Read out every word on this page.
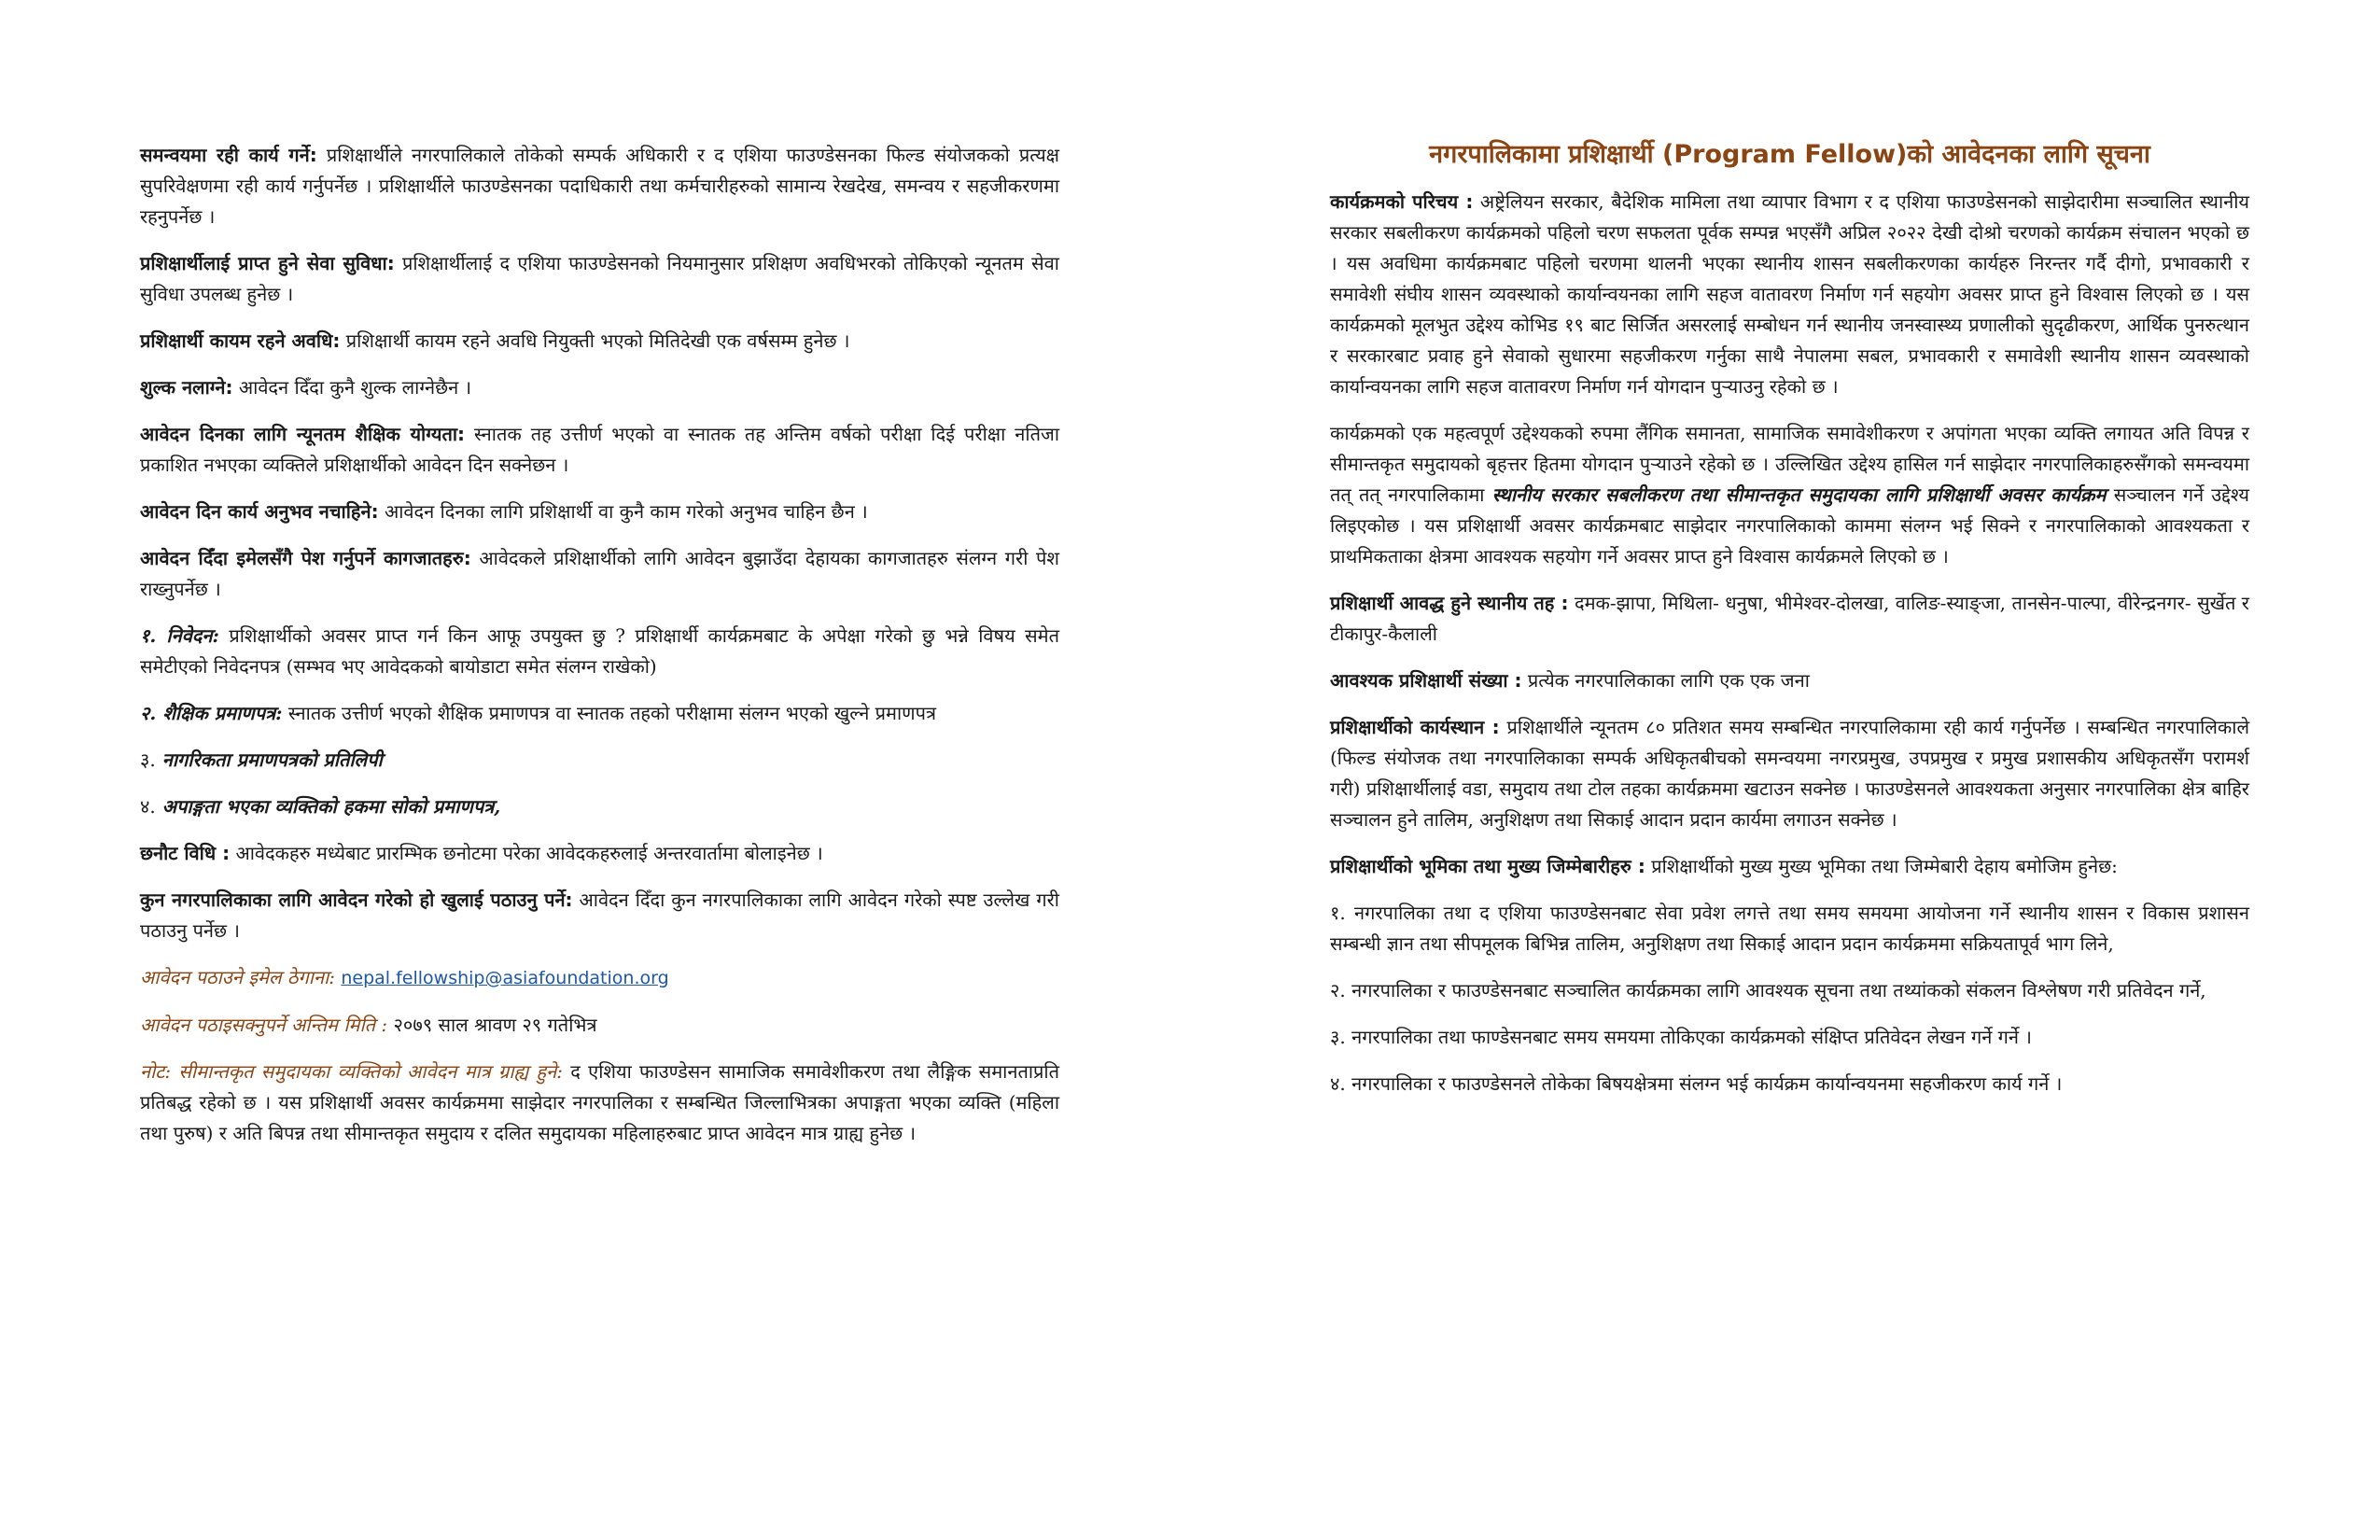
समन्वयमा रही कार्य गर्ने: प्रशिक्षार्थीले नगरपालिकाले तोकेको सम्पर्क अधिकारी र द एशिया फाउण्डेसनका फिल्ड संयोजकको प्रत्यक्ष सुपरिवेक्षणमा रही कार्य गर्नुपर्नेछ । प्रशिक्षार्थीले फाउण्डेसनका पदाधिकारी तथा कर्मचारीहरुको सामान्य रेखदेख, समन्वय र सहजीकरणमा रहनुपर्नेछ ।

प्रशिक्षार्थीलाई प्राप्त हुने सेवा सुविधा: प्रशिक्षार्थीलाई द एशिया फाउण्डेसनको नियमानुसार प्रशिक्षण अवधिभरको तोकिएको न्यूनतम सेवा सुविधा उपलब्ध हुनेछ ।

प्रशिक्षार्थी कायम रहने अवधि: प्रशिक्षार्थी कायम रहने अवधि नियुक्ती भएको मितिदेखी एक वर्षसम्म हुनेछ ।

शुल्क नलाग्ने: आवेदन दिँदा कुनै शुल्क लाग्नेछैन ।

आवेदन दिनका लागि न्यूनतम शैक्षिक योग्यता: स्नातक तह उत्तीर्ण भएको वा स्नातक तह अन्तिम वर्षको परीक्षा दिई परीक्षा नतिजा प्रकाशित नभएका व्यक्तिले प्रशिक्षार्थीको आवेदन दिन सक्नेछन ।

आवेदन दिन कार्य अनुभव नचाहिने: आवेदन दिनका लागि प्रशिक्षार्थी वा कुनै काम गरेको अनुभव चाहिन छैन ।

आवेदन दिँदा इमेलसँगै पेश गर्नुपर्ने कागजातहरु: आवेदकले प्रशिक्षार्थीको लागि आवेदन बुझाउँदा देहायका कागजातहरु संलग्न गरी पेश राख्नुपर्नेछ ।

१. निवेदन: प्रशिक्षार्थीको अवसर प्राप्त गर्न किन आफू उपयुक्त छु ? प्रशिक्षार्थी कार्यक्रमबाट के अपेक्षा गरेको छु भन्ने विषय समेत समेटीएको निवेदनपत्र (सम्भव भए आवेदकको बायोडाटा समेत संलग्न राखेको)

२. शैक्षिक प्रमाणपत्र: स्नातक उत्तीर्ण भएको शैक्षिक प्रमाणपत्र वा स्नातक तहको परीक्षामा संलग्न भएको खुल्ने प्रमाणपत्र

३. नागरिकता प्रमाणपत्रको प्रतिलिपी

४. अपाङ्गता भएका व्यक्तिको हकमा सोको प्रमाणपत्र,

छनौट विधि : आवेदकहरु मध्येबाट प्रारम्भिक छनोटमा परेका आवेदकहरुलाई अन्तरवार्तामा बोलाइनेछ ।

कुन नगरपालिकाका लागि आवेदन गरेको हो खुलाई पठाउनु पर्ने: आवेदन दिँदा कुन नगरपालिकाका लागि आवेदन गरेको स्पष्ट उल्लेख गरी पठाउनु पर्नेछ ।

आवेदन पठाउने इमेल ठेगाना: nepal.fellowship@asiafoundation.org

आवेदन पठाइसक्नुपर्ने अन्तिम मिति : २०७९ साल श्रावण २९ गतेभित्र

नोट: सीमान्तकृत समुदायका व्यक्तिको आवेदन मात्र ग्राह्य हुने: द एशिया फाउण्डेसन सामाजिक समावेशीकरण तथा लैङ्गिक समानताप्रति प्रतिबद्ध रहेको छ । यस प्रशिक्षार्थी अवसर कार्यक्रममा साझेदार नगरपालिका र सम्बन्धित जिल्लाभित्रका अपाङ्गता भएका व्यक्ति (महिला तथा पुरुष) र अति बिपन्न तथा सीमान्तकृत समुदाय र दलित समुदायका महिलाहरुबाट प्राप्त आवेदन मात्र ग्राह्य हुनेछ ।

नगरपालिकामा प्रशिक्षार्थी (Program Fellow)को आवेदनका लागि सूचना

कार्यक्रमको परिचय : अष्ट्रेलियन सरकार, बैदेशिक मामिला तथा व्यापार विभाग र द एशिया फाउण्डेसनको साझेदारीमा सञ्चालित स्थानीय सरकार सबलीकरण कार्यक्रमको पहिलो चरण सफलता पूर्वक सम्पन्न भएसँगै अप्रिल २०२२ देखी दोश्रो चरणको कार्यक्रम संचालन भएको छ । यस अवधिमा कार्यक्रमबाट पहिलो चरणमा थालनी भएका स्थानीय शासन सबलीकरणका कार्यहरु निरन्तर गर्दै दीगो, प्रभावकारी र समावेशी संघीय शासन व्यवस्थाको कार्यान्वयनका लागि सहज वातावरण निर्माण गर्न सहयोग अवसर प्राप्त हुने विश्वास लिएको छ । यस कार्यक्रमको मूलभुत उद्देश्य कोभिड १९ बाट सिर्जित असरलाई सम्बोधन गर्न स्थानीय जनस्वास्थ्य प्रणालीको सुदृढीकरण, आर्थिक पुनरुत्थान र सरकारबाट प्रवाह हुने सेवाको सुधारमा सहजीकरण गर्नुका साथै नेपालमा सबल, प्रभावकारी र समावेशी स्थानीय शासन व्यवस्थाको कार्यान्वयनका लागि सहज वातावरण निर्माण गर्न योगदान पुऱ्याउनु रहेको छ ।

कार्यक्रमको एक महत्वपूर्ण उद्देश्यकको रुपमा लैंगिक समानता, सामाजिक समावेशीकरण र अपांगता भएका व्यक्ति लगायत अति विपन्न र सीमान्तकृत समुदायको बृहत्तर हितमा योगदान पुऱ्याउने रहेको छ । उल्लिखित उद्देश्य हासिल गर्न साझेदार नगरपालिकाहरुसँगको समन्वयमा तत् तत् नगरपालिकामा स्थानीय सरकार सबलीकरण तथा सीमान्तकृत समुदायका लागि प्रशिक्षार्थी अवसर कार्यक्रम सञ्चालन गर्ने उद्देश्य लिइएकोछ । यस प्रशिक्षार्थी अवसर कार्यक्रमबाट साझेदार नगरपालिकाको काममा संलग्न भई सिक्ने र नगरपालिकाको आवश्यकता र प्राथमिकताका क्षेत्रमा आवश्यक सहयोग गर्ने अवसर प्राप्त हुने विश्वास कार्यक्रमले लिएको छ ।

प्रशिक्षार्थी आवद्ध हुने स्थानीय तह : दमक-झापा, मिथिला- धनुषा, भीमेश्वर-दोलखा, वालिङ-स्याङ्जा, तानसेन-पाल्पा, वीरेन्द्रनगर- सुर्खेत र टीकापुर-कैलाली

आवश्यक प्रशिक्षार्थी संख्या : प्रत्येक नगरपालिकाका लागि एक एक जना

प्रशिक्षार्थीको कार्यस्थान : प्रशिक्षार्थीले न्यूनतम ८० प्रतिशत समय सम्बन्धित नगरपालिकामा रही कार्य गर्नुपर्नेछ । सम्बन्धित नगरपालिकाले (फिल्ड संयोजक तथा नगरपालिकाका सम्पर्क अधिकृतबीचको समन्वयमा नगरप्रमुख, उपप्रमुख र प्रमुख प्रशासकीय अधिकृतसँग परामर्श गरी) प्रशिक्षार्थीलाई वडा, समुदाय तथा टोल तहका कार्यक्रममा खटाउन सक्नेछ । फाउण्डेसनले आवश्यकता अनुसार नगरपालिका क्षेत्र बाहिर सञ्चालन हुने तालिम, अनुशिक्षण तथा सिकाई आदान प्रदान कार्यमा लगाउन सक्नेछ ।

प्रशिक्षार्थीको भूमिका तथा मुख्य जिम्मेबारीहरु : प्रशिक्षार्थीको मुख्य मुख्य भूमिका तथा जिम्मेबारी देहाय बमोजिम हुनेछ:

१. नगरपालिका तथा द एशिया फाउण्डेसनबाट सेवा प्रवेश लगत्ते तथा समय समयमा आयोजना गर्ने स्थानीय शासन र विकास प्रशासन सम्बन्धी ज्ञान तथा सीपमूलक बिभिन्न तालिम, अनुशिक्षण तथा सिकाई आदान प्रदान कार्यक्रममा सक्रियतापूर्व भाग लिने,

२. नगरपालिका र फाउण्डेसनबाट सञ्चालित कार्यक्रमका लागि आवश्यक सूचना तथा तथ्यांकको संकलन विश्लेषण गरी प्रतिवेदन गर्ने,

३. नगरपालिका तथा फाण्डेसनबाट समय समयमा तोकिएका कार्यक्रमको संक्षिप्त प्रतिवेदन लेखन गर्ने गर्ने ।

४. नगरपालिका र फाउण्डेसनले तोकेका बिषयक्षेत्रमा संलग्न भई कार्यक्रम कार्यान्वयनमा सहजीकरण कार्य गर्ने ।
